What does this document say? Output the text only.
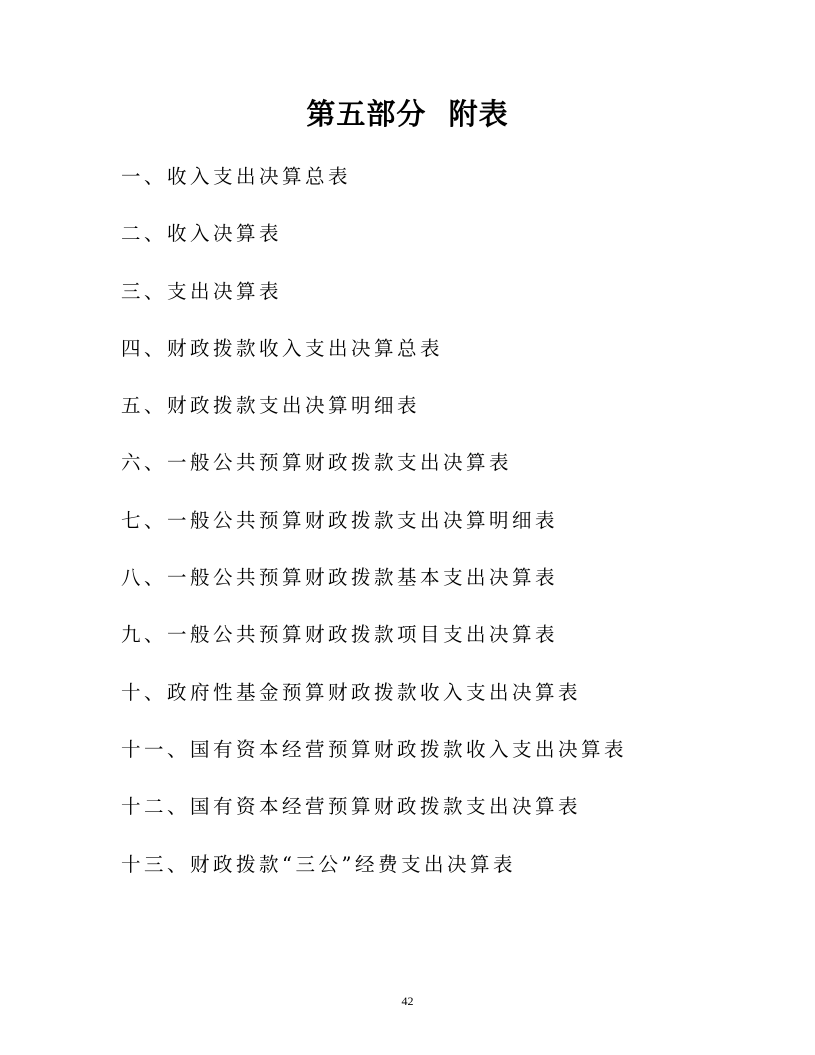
第五部分  附表
一、收入支出决算总表
二、收入决算表
三、支出决算表
四、财政拨款收入支出决算总表
五、财政拨款支出决算明细表
六、一般公共预算财政拨款支出决算表
七、一般公共预算财政拨款支出决算明细表
八、一般公共预算财政拨款基本支出决算表
九、一般公共预算财政拨款项目支出决算表
十、政府性基金预算财政拨款收入支出决算表
十一、国有资本经营预算财政拨款收入支出决算表
十二、国有资本经营预算财政拨款支出决算表
十三、财政拨款“三公”经费支出决算表
42
